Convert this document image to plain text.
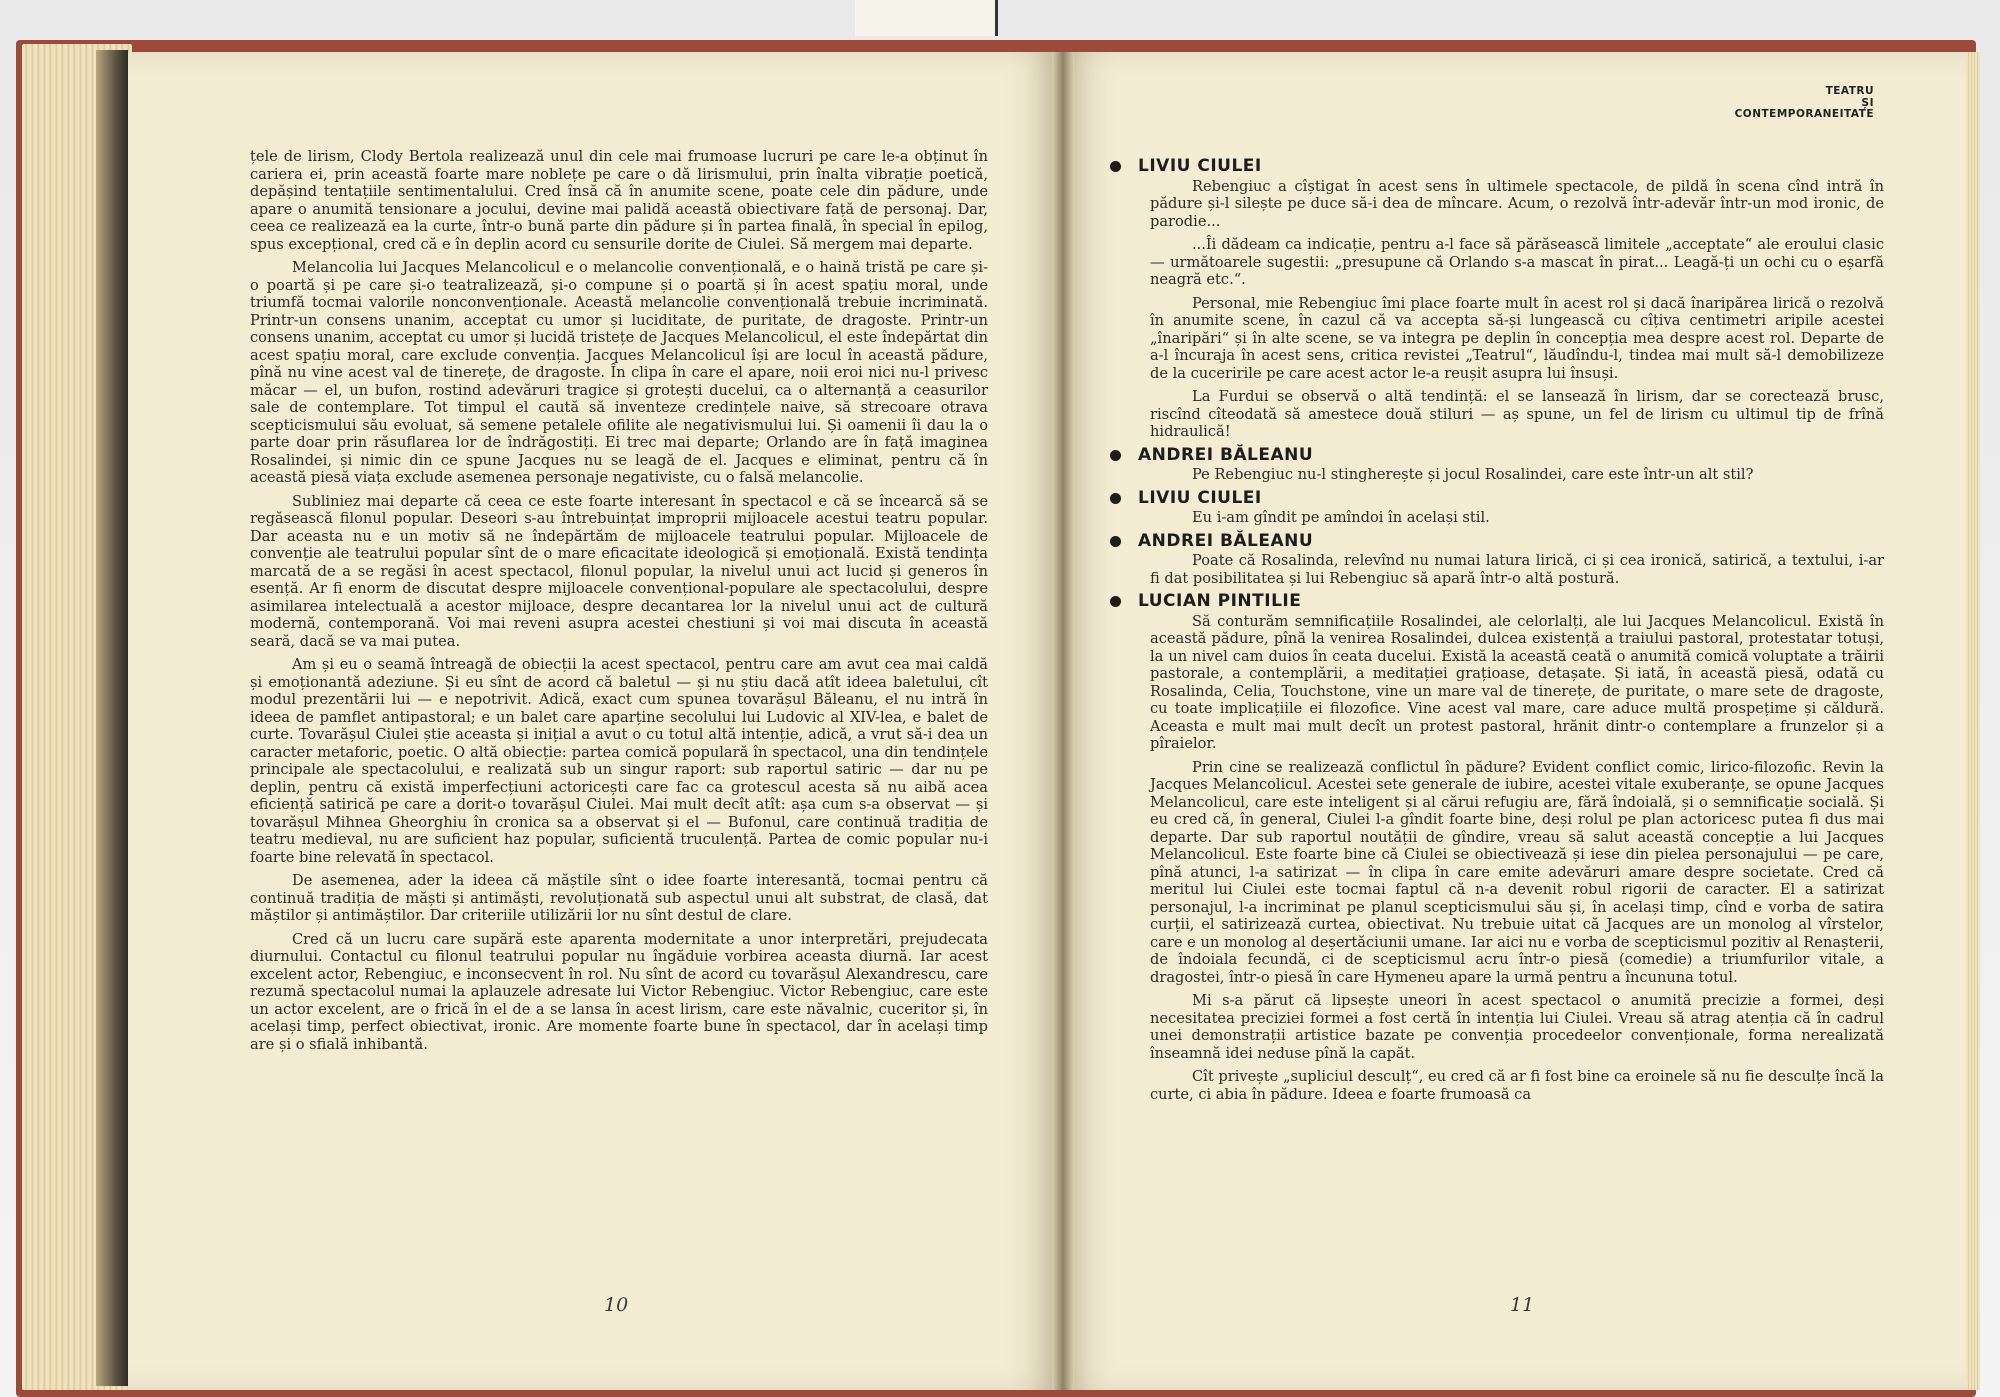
TEATRU
ȘI
CONTEMPORANEITATE

țele de lirism, Clody Bertola realizează unul din cele mai frumoase lucruri pe care le-a obținut în cariera ei, prin această foarte mare noblețe pe care o dă lirismului, prin înalta vibrație poetică, depășind tentațiile sentimentalului. Cred însă că în anumite scene, poate cele din pădure, unde apare o anumită tensionare a jocului, devine mai palidă această obiectivare față de personaj. Dar, ceea ce realizează ea la curte, într-o bună parte din pădure și în partea finală, în special în epilog, spus excepțional, cred că e în deplin acord cu sensurile dorite de Ciulei. Să mergem mai departe.

Melancolia lui Jacques Melancolicul e o melancolie convențională, e o haină tristă pe care și-o poartă și pe care și-o teatralizează, și-o compune și o poartă și în acest spațiu moral, unde triumfă tocmai valorile nonconvenționale. Această melancolie convențională trebuie incriminată. Printr-un consens unanim, acceptat cu umor și luciditate, de puritate, de dragoste. Printr-un consens unanim, acceptat cu umor și lucidă tristețe de Jacques Melancolicul, el este îndepărtat din acest spațiu moral, care exclude convenția. Jacques Melancolicul își are locul în această pădure, pînă nu vine acest val de tinerețe, de dragoste. În clipa în care el apare, noii eroi nici nu-l privesc măcar — el, un bufon, rostind adevăruri tragice și grotești ducelui, ca o alternanță a ceasurilor sale de contemplare. Tot timpul el caută să inventeze credințele naive, să strecoare otrava scepticismului său evoluat, să semene petalele ofilite ale negativismului lui. Și oamenii îi dau la o parte doar prin răsuflarea lor de îndrăgostiți. Ei trec mai departe; Orlando are în față imaginea Rosalindei, și nimic din ce spune Jacques nu se leagă de el. Jacques e eliminat, pentru că în această piesă viața exclude asemenea personaje negativiste, cu o falsă melancolie.

Subliniez mai departe că ceea ce este foarte interesant în spectacol e că se încearcă să se regăsească filonul popular. Deseori s-au întrebuințat improprii mijloacele acestui teatru popular. Dar aceasta nu e un motiv să ne îndepărtăm de mijloacele teatrului popular. Mijloacele de convenție ale teatrului popular sînt de o mare eficacitate ideologică și emoțională. Există tendința marcată de a se regăsi în acest spectacol, filonul popular, la nivelul unui act lucid și generos în esență. Ar fi enorm de discutat despre mijloacele convențional-populare ale spectacolului, despre asimilarea intelectuală a acestor mijloace, despre decantarea lor la nivelul unui act de cultură modernă, contemporană. Voi mai reveni asupra acestei chestiuni și voi mai discuta în această seară, dacă se va mai putea.

Am și eu o seamă întreagă de obiecții la acest spectacol, pentru care am avut cea mai caldă și emoționantă adeziune. Și eu sînt de acord că baletul — și nu știu dacă atît ideea baletului, cît modul prezentării lui — e nepotrivit. Adică, exact cum spunea tovarășul Băleanu, el nu intră în ideea de pamflet antipastoral; e un balet care aparține secolului lui Ludovic al XIV-lea, e balet de curte. Tovarășul Ciulei știe aceasta și inițial a avut o cu totul altă intenție, adică, a vrut să-i dea un caracter metaforic, poetic. O altă obiecție: partea comică populară în spectacol, una din tendințele principale ale spectacolului, e realizată sub un singur raport: sub raportul satiric — dar nu pe deplin, pentru că există imperfecțiuni actoricești care fac ca grotescul acesta să nu aibă acea eficiență satirică pe care a dorit-o tovarășul Ciulei. Mai mult decît atît: așa cum s-a observat — și tovarășul Mihnea Gheorghiu în cronica sa a observat și el — Bufonul, care continuă tradiția de teatru medieval, nu are suficient haz popular, suficientă truculență. Partea de comic popular nu-i foarte bine relevată în spectacol.

De asemenea, ader la ideea că măștile sînt o idee foarte interesantă, tocmai pentru că continuă tradiția de măști și antimăști, revoluționată sub aspectul unui alt substrat, de clasă, dat măștilor și antimăștilor. Dar criteriile utilizării lor nu sînt destul de clare.

Cred că un lucru care supără este aparenta modernitate a unor interpretări, prejudecata diurnului. Contactul cu filonul teatrului popular nu îngăduie vorbirea aceasta diurnă. Iar acest excelent actor, Rebengiuc, e inconsecvent în rol. Nu sînt de acord cu tovarășul Alexandrescu, care rezumă spectacolul numai la aplauzele adresate lui Victor Rebengiuc. Victor Rebengiuc, care este un actor excelent, are o frică în el de a se lansa în acest lirism, care este năvalnic, cuceritor și, în același timp, perfect obiectivat, ironic. Are momente foarte bune în spectacol, dar în același timp are și o sfială inhibantă.

LIVIU CIULEI

Rebengiuc a cîștigat în acest sens în ultimele spectacole, de pildă în scena cînd intră în pădure și-l silește pe duce să-i dea de mîncare. Acum, o rezolvă într-adevăr într-un mod ironic, de parodie...

...Îi dădeam ca indicație, pentru a-l face să părăsească limitele „acceptate“ ale eroului clasic — următoarele sugestii: „presupune că Orlando s-a mascat în pirat... Leagă-ți un ochi cu o eșarfă neagră etc.“.

Personal, mie Rebengiuc îmi place foarte mult în acest rol și dacă înaripărea lirică o rezolvă în anumite scene, în cazul că va accepta să-și lungească cu cîțiva centimetri aripile acestei „înaripări“ și în alte scene, se va integra pe deplin în concepția mea despre acest rol. Departe de a-l încuraja în acest sens, critica revistei „Teatrul“, lăudîndu-l, tindea mai mult să-l demobilizeze de la cuceririle pe care acest actor le-a reușit asupra lui însuși.

La Furdui se observă o altă tendință: el se lansează în lirism, dar se corectează brusc, riscînd cîteodată să amestece două stiluri — aș spune, un fel de lirism cu ultimul tip de frînă hidraulică!

ANDREI BĂLEANU

Pe Rebengiuc nu-l stingherește și jocul Rosalindei, care este într-un alt stil?

LIVIU CIULEI

Eu i-am gîndit pe amîndoi în același stil.

ANDREI BĂLEANU

Poate că Rosalinda, relevînd nu numai latura lirică, ci și cea ironică, satirică, a textului, i-ar fi dat posibilitatea și lui Rebengiuc să apară într-o altă postură.

LUCIAN PINTILIE

Să conturăm semnificațiile Rosalindei, ale celorlalți, ale lui Jacques Melancolicul. Există în această pădure, pînă la venirea Rosalindei, dulcea existență a traiului pastoral, protestatar totuși, la un nivel cam duios în ceata ducelui. Există la această ceată o anumită comică voluptate a trăirii pastorale, a contemplării, a meditației grațioase, detașate. Și iată, în această piesă, odată cu Rosalinda, Celia, Touchstone, vine un mare val de tinerețe, de puritate, o mare sete de dragoste, cu toate implicațiile ei filozofice. Vine acest val mare, care aduce multă prospețime și căldură. Aceasta e mult mai mult decît un protest pastoral, hrănit dintr-o contemplare a frunzelor și a pîraielor.

Prin cine se realizează conflictul în pădure? Evident conflict comic, lirico-filozofic. Revin la Jacques Melancolicul. Acestei sete generale de iubire, acestei vitale exuberanțe, se opune Jacques Melancolicul, care este inteligent și al cărui refugiu are, fără îndoială, și o semnificație socială. Și eu cred că, în general, Ciulei l-a gîndit foarte bine, deși rolul pe plan actoricesc putea fi dus mai departe. Dar sub raportul noutății de gîndire, vreau să salut această concepție a lui Jacques Melancolicul. Este foarte bine că Ciulei se obiectivează și iese din pielea personajului — pe care, pînă atunci, l-a satirizat — în clipa în care emite adevăruri amare despre societate. Cred că meritul lui Ciulei este tocmai faptul că n-a devenit robul rigorii de caracter. El a satirizat personajul, l-a incriminat pe planul scepticismului său și, în același timp, cînd e vorba de satira curții, el satirizează curtea, obiectivat. Nu trebuie uitat că Jacques are un monolog al vîrstelor, care e un monolog al deșertăciunii umane. Iar aici nu e vorba de scepticismul pozitiv al Renașterii, de îndoiala fecundă, ci de scepticismul acru într-o piesă (comedie) a triumfurilor vitale, a dragostei, într-o piesă în care Hymeneu apare la urmă pentru a încununa totul.

Mi s-a părut că lipsește uneori în acest spectacol o anumită precizie a formei, deși necesitatea preciziei formei a fost certă în intenția lui Ciulei. Vreau să atrag atenția că în cadrul unei demonstrații artistice bazate pe convenția procedeelor convenționale, forma nerealizată înseamnă idei neduse pînă la capăt.

Cît privește „supliciul desculț“, eu cred că ar fi fost bine ca eroinele să nu fie desculțe încă la curte, ci abia în pădure. Ideea e foarte frumoasă ca

10	11
